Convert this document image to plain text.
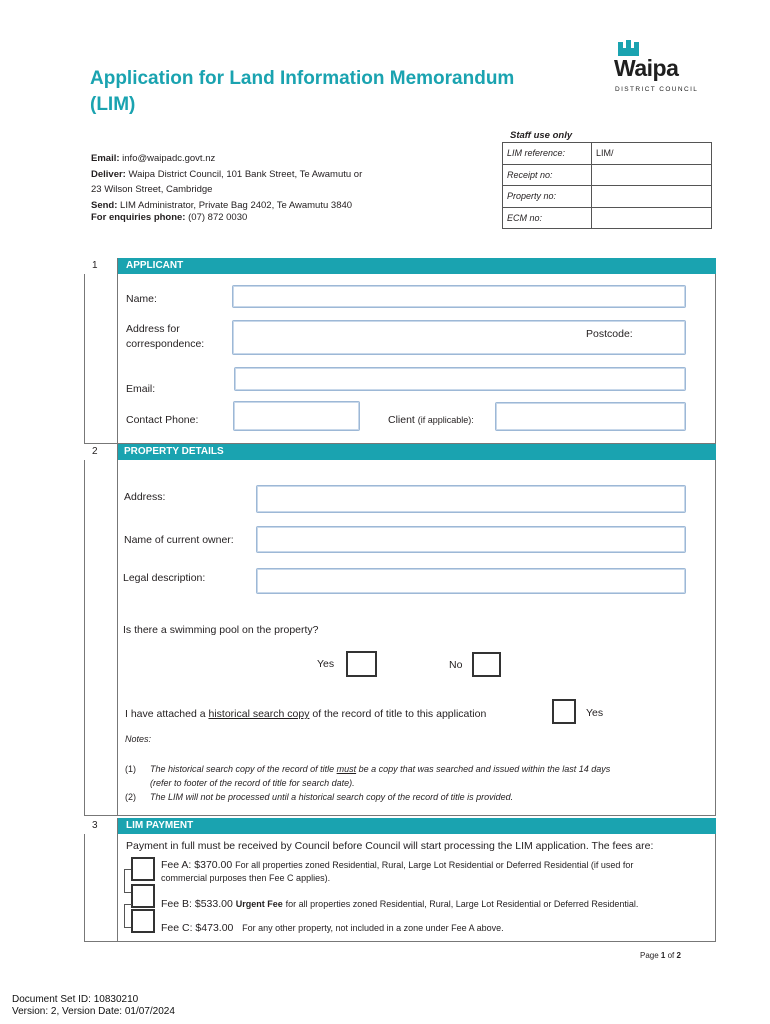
Application for Land Information Memorandum
(LIM)
Waipa
DISTRICT COUNCIL
Email: info@waipadc.govt.nz
Deliver: Waipa District Council, 101 Bank Street, Te Awamutu or
23 Wilson Street, Cambridge
Send: LIM Administrator, Private Bag 2402, Te Awamutu 3840
For enquiries phone: (07) 872 0030
Staff use only
LIM reference:	LIM/
Receipt no:	
Property no:	
ECM no:	
APPLICANT
1
Name:
Address for
correspondence:
Postcode:
Email:
Contact Phone:	Client (if applicable):
PROPERTY DETAILS
2
Address:
Name of current owner:
Legal description:
Is there a swimming pool on the property?
Yes	No
I have attached a historical search copy of the record of title to this application	Yes
Notes:
(1)	The historical search copy of the record of title must be a copy that was searched and issued within the last 14 days
(refer to footer of the record of title for search date).
(2)	The LIM will not be processed until a historical search copy of the record of title is provided.
LIM PAYMENT
3
Payment in full must be received by Council before Council will start processing the LIM application. The fees are:
Fee A: $370.00 For all properties zoned Residential, Rural, Large Lot Residential or Deferred Residential (if used for
commercial purposes then Fee C applies).
Fee B: $533.00 Urgent Fee for all properties zoned Residential, Rural, Large Lot Residential or Deferred Residential.
Fee C: $473.00 For any other property, not included in a zone under Fee A above.
Page 1 of 2
Document Set ID: 10830210
Version: 2, Version Date: 01/07/2024
